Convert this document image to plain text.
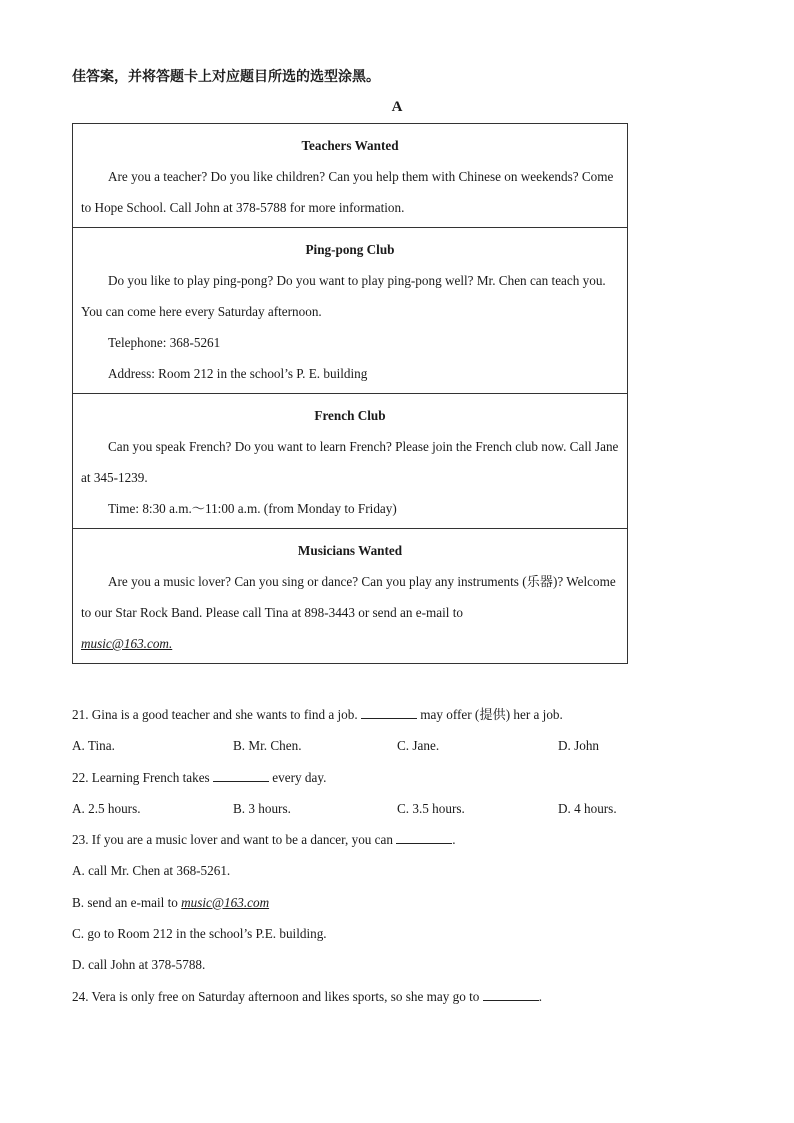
佳答案，并将答题卡上对应题目所选的选型涂黑。
A
Teachers Wanted

Are you a teacher? Do you like children? Can you help them with Chinese on weekends? Come to Hope School. Call John at 378-5788 for more information.

Ping-pong Club

Do you like to play ping-pong? Do you want to play ping-pong well? Mr. Chen can teach you. You can come here every Saturday afternoon.

Telephone: 368-5261

Address: Room 212 in the school’s P. E. building

French Club

Can you speak French? Do you want to learn French? Please join the French club now. Call Jane at 345-1239.

Time: 8:30 a.m.～11:00 a.m. (from Monday to Friday)

Musicians Wanted

Are you a music lover? Can you sing or dance? Can you play any instruments (乐器)? Welcome to our Star Rock Band. Please call Tina at 898-3443 or send an e-mail to

music@163.com.

21. Gina is a good teacher and she wants to find a job.	may offer (提供) her a job.
A. Tina.	B. Mr. Chen.	C. Jane.	D. John
22. Learning French takes	every day.
A. 2.5 hours.	B. 3 hours.	C. 3.5 hours.	D. 4 hours.
23. If you are a music lover and want to be a dancer, you can	.
A. call Mr. Chen at 368-5261.
B. send an e-mail to music@163.com
C. go to Room 212 in the school’s P.E. building.
D. call John at 378-5788.
24. Vera is only free on Saturday afternoon and likes sports, so she may go to	.
